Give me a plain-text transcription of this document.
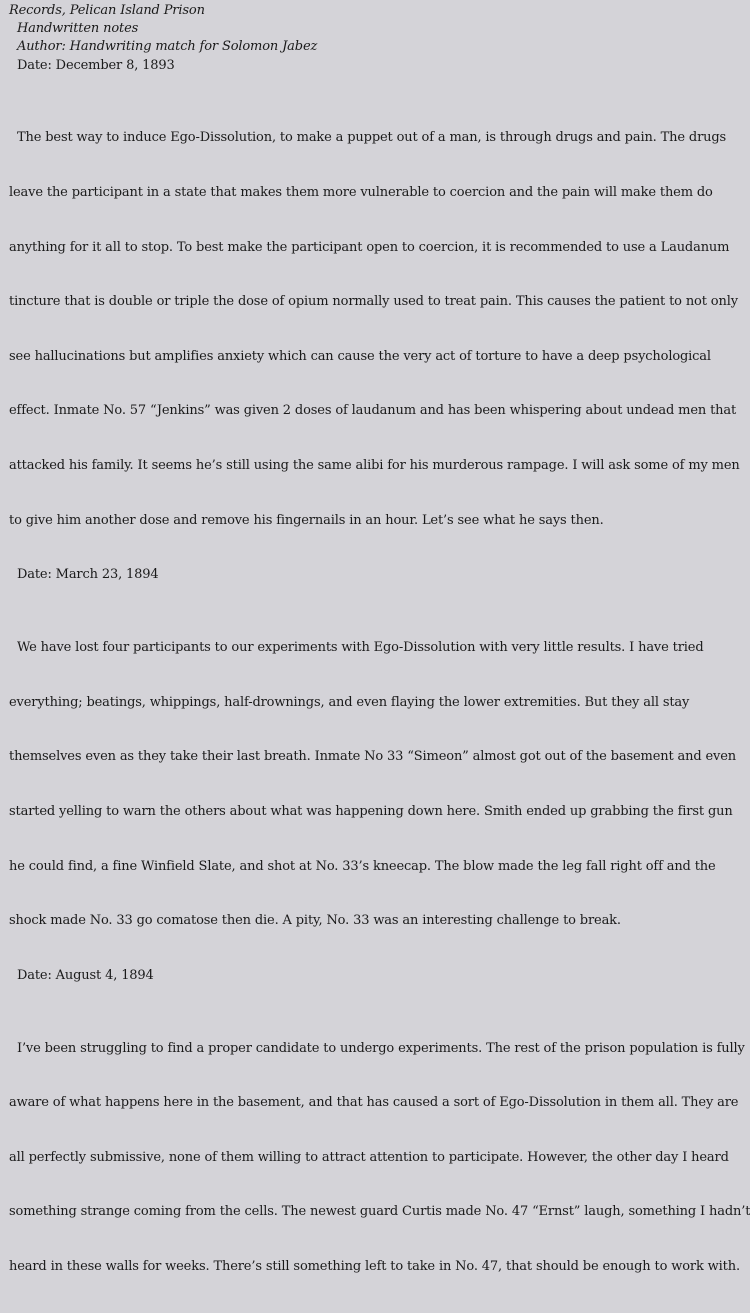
Records, Pelican Island Prison
Handwritten notes
Author: Handwriting match for Solomon Jabez
Date: December 8, 1893

The best way to induce Ego-Dissolution, to make a puppet out of a man, is through drugs and pain. The drugs

leave the participant in a state that makes them more vulnerable to coercion and the pain will make them do

anything for it all to stop. To best make the participant open to coercion, it is recommended to use a Laudanum

tincture that is double or triple the dose of opium normally used to treat pain. This causes the patient to not only

see hallucinations but amplifies anxiety which can cause the very act of torture to have a deep psychological

effect. Inmate No. 57 “Jenkins” was given 2 doses of laudanum and has been whispering about undead men that

attacked his family. It seems he’s still using the same alibi for his murderous rampage. I will ask some of my men

to give him another dose and remove his fingernails in an hour. Let’s see what he says then.

Date: March 23, 1894

We have lost four participants to our experiments with Ego-Dissolution with very little results. I have tried

everything; beatings, whippings, half-drownings, and even flaying the lower extremities. But they all stay

themselves even as they take their last breath. Inmate No 33 “Simeon” almost got out of the basement and even

started yelling to warn the others about what was happening down here. Smith ended up grabbing the first gun

he could find, a fine Winfield Slate, and shot at No. 33’s kneecap. The blow made the leg fall right off and the

shock made No. 33 go comatose then die. A pity, No. 33 was an interesting challenge to break.

Date: August 4, 1894

I’ve been struggling to find a proper candidate to undergo experiments. The rest of the prison population is fully

aware of what happens here in the basement, and that has caused a sort of Ego-Dissolution in them all. They are

all perfectly submissive, none of them willing to attract attention to participate. However, the other day I heard

something strange coming from the cells. The newest guard Curtis made No. 47 “Ernst” laugh, something I hadn’t

heard in these walls for weeks. There’s still something left to take in No. 47, that should be enough to work with.
